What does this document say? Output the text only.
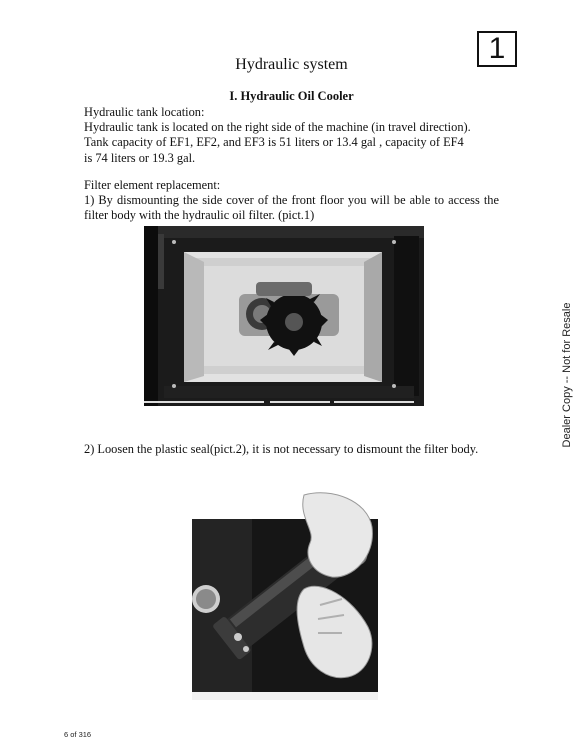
1
Hydraulic system
I. Hydraulic Oil Cooler
Hydraulic tank location:
Hydraulic tank is located on the right side of the machine (in travel direction).
Tank capacity of EF1, EF2, and EF3 is 51 liters or 13.4 gal , capacity of EF4
is 74 liters or 19.3 gal.
Filter element replacement:
1) By dismounting the side cover of the front floor you will be able to access the filter body with the hydraulic oil filter. (pict.1)
2) Loosen the plastic seal(pict.2), it is not necessary to dismount the filter body.
Dealer Copy -- Not for Resale
6 of 316
